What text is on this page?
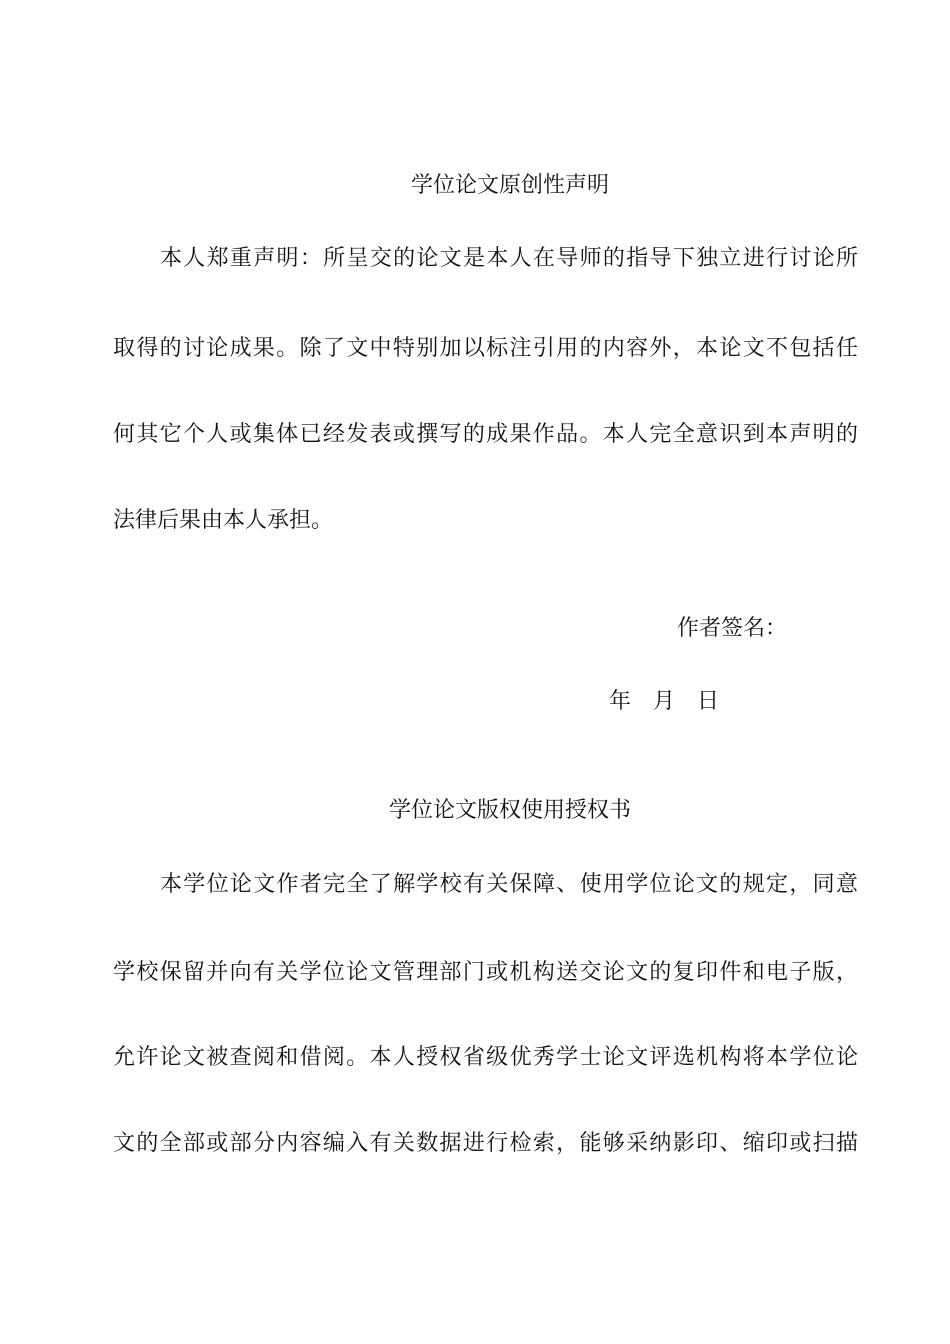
学位论文原创性声明
本人郑重声明：所呈交的论文是本人在导师的指导下独立进行讨论所
取得的讨论成果。除了文中特别加以标注引用的内容外，本论文不包括任
何其它个人或集体已经发表或撰写的成果作品。本人完全意识到本声明的
法律后果由本人承担。
作者签名：
年　月　日
学位论文版权使用授权书
本学位论文作者完全了解学校有关保障、使用学位论文的规定，同意
学校保留并向有关学位论文管理部门或机构送交论文的复印件和电子版，
允许论文被查阅和借阅。本人授权省级优秀学士论文评选机构将本学位论
文的全部或部分内容编入有关数据进行检索，能够采纳影印、缩印或扫描
